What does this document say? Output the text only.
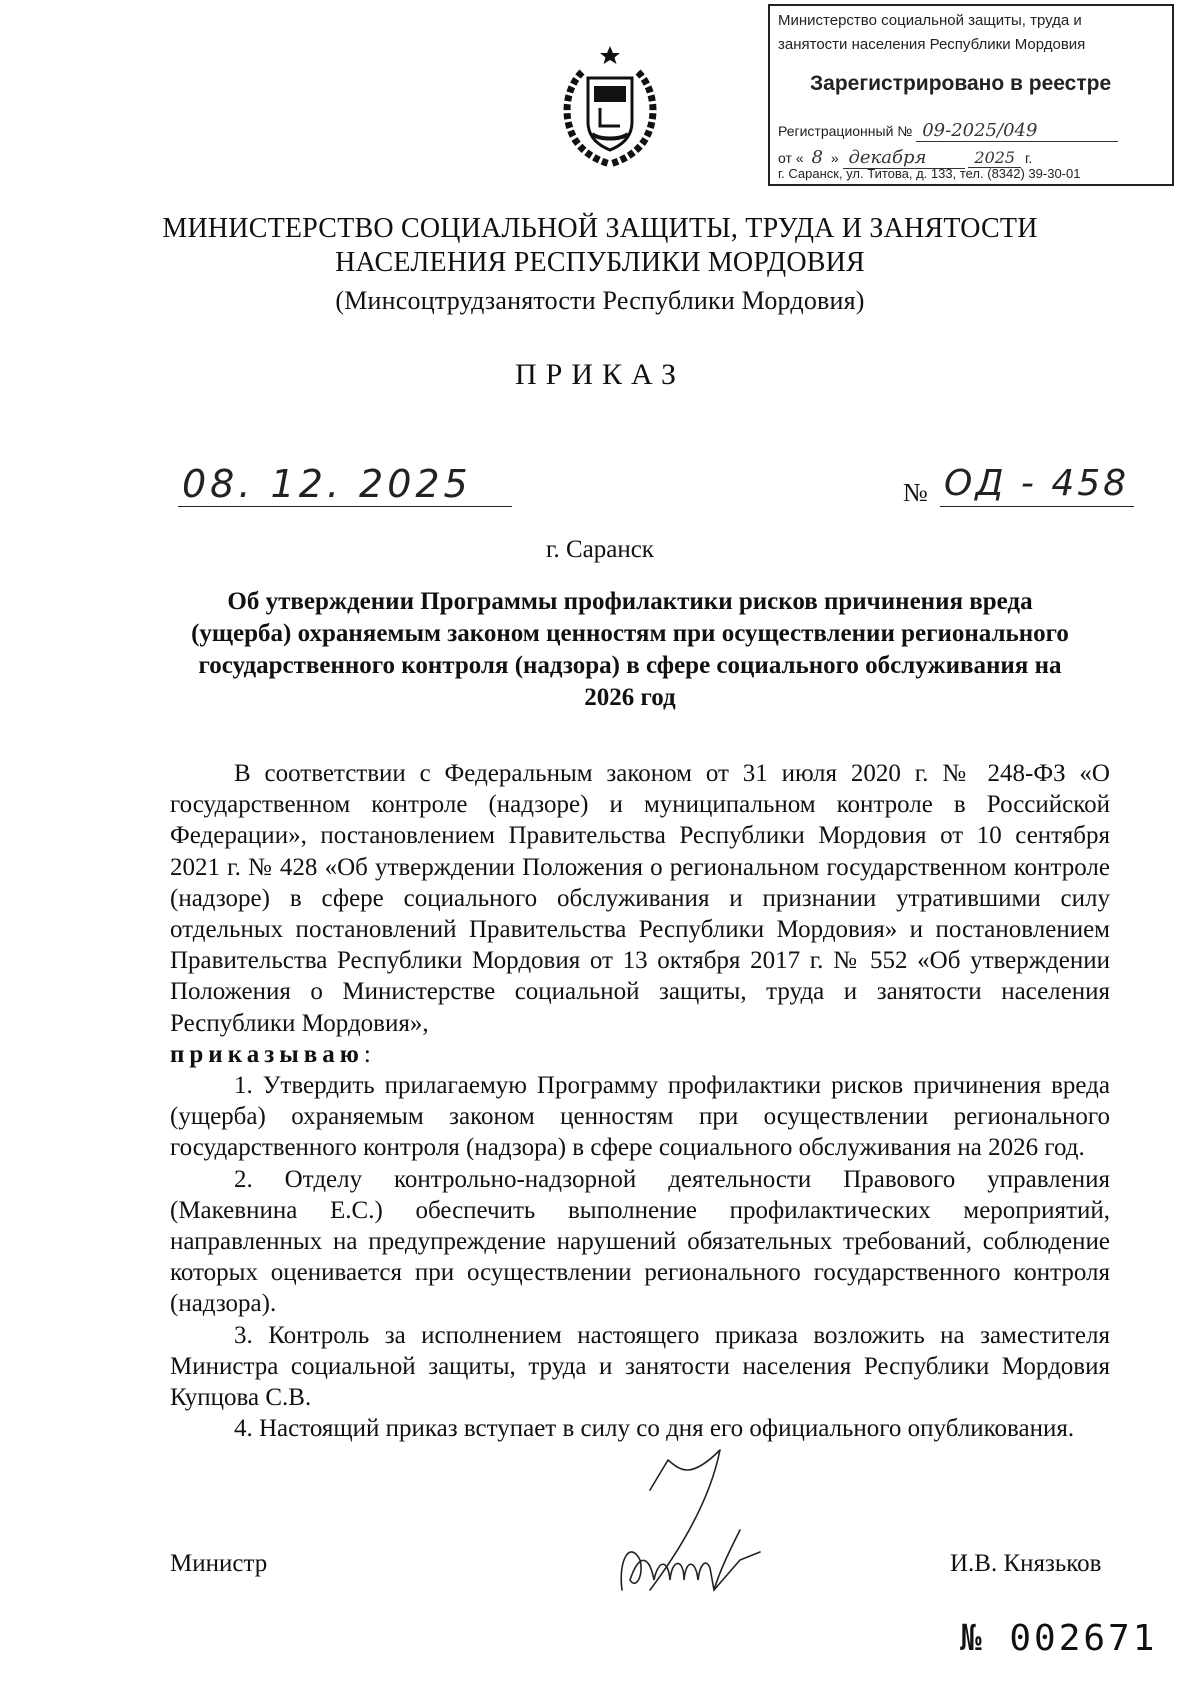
Министерство социальной защиты, труда и
занятости населения Республики Мордовия
Зарегистрировано в реестре
Регистрационный № 09-2025/049
от « 8 » декабря	2025 г.
г. Саранск, ул. Титова, д. 133, тел. (8342) 39-30-01
МИНИСТЕРСТВО СОЦИАЛЬНОЙ ЗАЩИТЫ, ТРУДА И ЗАНЯТОСТИ
НАСЕЛЕНИЯ РЕСПУБЛИКИ МОРДОВИЯ
(Минсоцтрудзанятости Республики Мордовия)
ПРИКАЗ
08. 12. 2025	№ ОД - 458
г. Саранск
Об утверждении Программы профилактики рисков причинения вреда (ущерба) охраняемым законом ценностям при осуществлении регионального государственного контроля (надзора) в сфере социального обслуживания на 2026 год

В соответствии с Федеральным законом от 31 июля 2020 г. № 248-ФЗ «О государственном контроле (надзоре) и муниципальном контроле в Российской Федерации», постановлением Правительства Республики Мордовия от 10 сентября 2021 г. № 428 «Об утверждении Положения о региональном государственном контроле (надзоре) в сфере социального обслуживания и признании утратившими силу отдельных постановлений Правительства Республики Мордовия» и постановлением Правительства Республики Мордовия от 13 октября 2017 г. № 552 «Об утверждении Положения о Министерстве социальной защиты, труда и занятости населения Республики Мордовия»,

приказываю:

1. Утвердить прилагаемую Программу профилактики рисков причинения вреда (ущерба) охраняемым законом ценностям при осуществлении регионального государственного контроля (надзора) в сфере социального обслуживания на 2026 год.

2. Отделу контрольно-надзорной деятельности Правового управления (Макевнина Е.С.) обеспечить выполнение профилактических мероприятий, направленных на предупреждение нарушений обязательных требований, соблюдение которых оценивается при осуществлении регионального государственного контроля (надзора).

3. Контроль за исполнением настоящего приказа возложить на заместителя Министра социальной защиты, труда и занятости населения Республики Мордовия Купцова С.В.

4. Настоящий приказ вступает в силу со дня его официального опубликования.

Министр	И.В. Князьков
№ 002671
